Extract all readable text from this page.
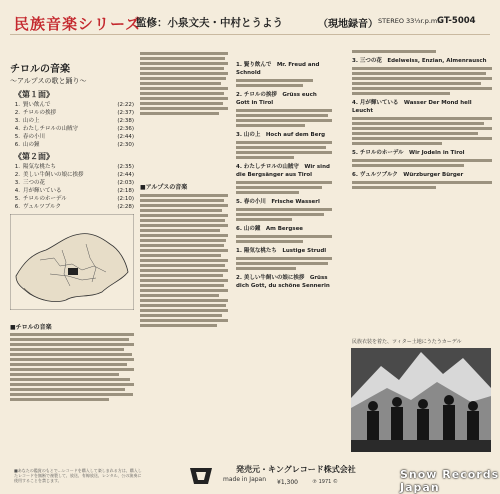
民族音楽シリーズ
監修：小泉文夫・中村とうよう	（現地録音） STEREO 33⅓r.p.m.
GT-5004
チロルの音楽
〜アルプスの歌と踊り〜
《第１面》
1. 賢い飲んで	(2:22)
2. チロルの挨拶	(2:37)
3. 山の上	(2:38)
4. わたしチロルの山賊守	(2:36)
5. 春の小川	(2:44)
6. 山の鐘	(2:30)
《第２面》
1. 陽気な桃たち	(2:35)
2. 美しい牛飼いの娘に挨拶	(2:44)
3. 三つの花	(2:03)
4. 月が輝いている	(2:18)
5. チロルのホーデル	(2:10)
6. ヴュルツブルク	(2:28)
■チロルの音楽
■アルプスの音楽
1. 賢り飲んで　Mr. Freud and Schnold
2. チロルの挨拶　Grüss euch Gott in Tirol
3. 山の上　Hoch auf dem Berg
4. わたしチロルの山賊守　Wir sind die Bergsänger aus Tirol
5. 春の小川　Frische Wasserl
6. 山の鐘　Am Bergsee
1. 陽気な桃たち　Lustige Strudl
2. 美しい牛飼いの娘に挨拶　Grüss dich Gott, du schöne Sennerin
3. 三つの花　Edelweiss, Enzian, Almenrausch
4. 月が輝いている　Wasser Der Mond hell Leucht
5. チロルのホーデル　Wir Jodeln in Tirol
6. ヴュルツブルク　Würzburger Bürger
民族衣装を着た、ツィター土地にうたうカーデル
■あなたの鑑賞のもとで…レコードを購入して楽しまれる方は、購入したレコードを無断で複製して、放送、有線放送、レンタル、公の演奏に使用することを禁じます。	made in Japan
発売元・キングレコード株式会社
¥1,300	℗ 1971 ©
Snow Records Japan
